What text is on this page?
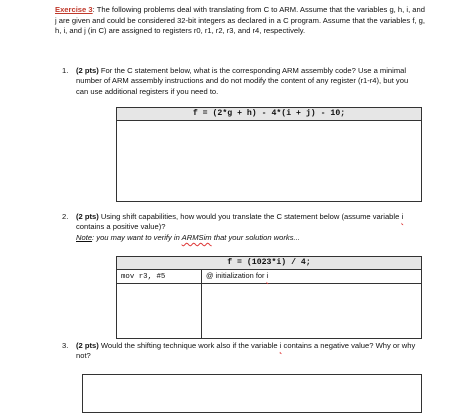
Exercise 3: The following problems deal with translating from C to ARM. Assume that the variables g, h, i, and j are given and could be considered 32-bit integers as declared in a C program. Assume that the variables f, g, h, i, and j (in C) are assigned to registers r0, r1, r2, r3, and r4, respectively.
1. (2 pts) For the C statement below, what is the corresponding ARM assembly code? Use a minimal number of ARM assembly instructions and do not modify the content of any register (r1-r4), but you can use additional registers if you need to.
f = (2*g + h) - 4*(i + j) - 10;

2. (2 pts) Using shift capabilities, how would you translate the C statement below (assume variable i contains a positive value)?
Note: you may want to verify in ARMSim that your solution works...
f = (1023*i) / 4;	
mov r3, #5	@ initialization for i

3. (2 pts) Would the shifting technique work also if the variable i contains a negative value? Why or why not?
